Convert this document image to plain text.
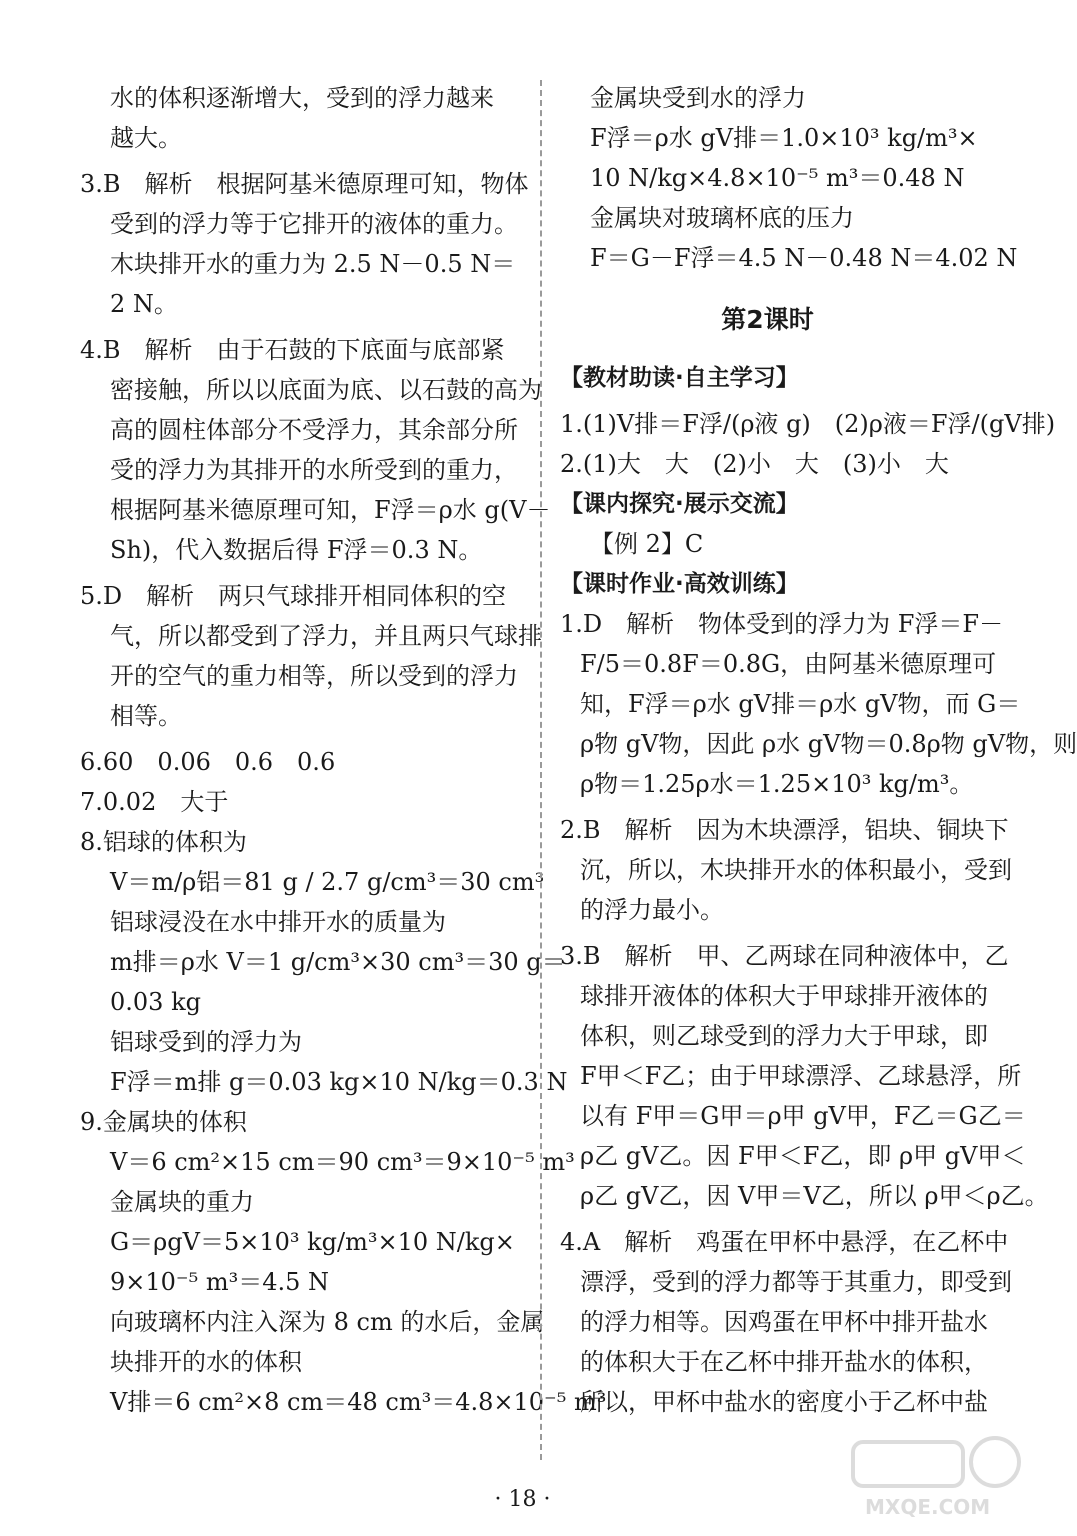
水的体积逐渐增大，受到的浮力越来
越大。
3.B　解析　根据阿基米德原理可知，物体
受到的浮力等于它排开的液体的重力。
木块排开水的重力为 2.5 N－0.5 N＝
2 N。
4.B　解析　由于石鼓的下底面与底部紧
密接触，所以以底面为底、以石鼓的高为
高的圆柱体部分不受浮力，其余部分所
受的浮力为其排开的水所受到的重力，
根据阿基米德原理可知，F浮＝ρ水 g(V－
Sh)，代入数据后得 F浮＝0.3 N。
5.D　解析　两只气球排开相同体积的空
气，所以都受到了浮力，并且两只气球排
开的空气的重力相等，所以受到的浮力
相等。
6.60　0.06　0.6　0.6
7.0.02　大于
8.铝球的体积为
V＝m/ρ铝＝81 g / 2.7 g/cm³＝30 cm³
铝球浸没在水中排开水的质量为
m排＝ρ水 V＝1 g/cm³×30 cm³＝30 g＝
0.03 kg
铝球受到的浮力为
F浮＝m排 g＝0.03 kg×10 N/kg＝0.3 N
9.金属块的体积
V＝6 cm²×15 cm＝90 cm³＝9×10⁻⁵ m³
金属块的重力
G＝ρgV＝5×10³ kg/m³×10 N/kg×
9×10⁻⁵ m³＝4.5 N
向玻璃杯内注入深为 8 cm 的水后，金属
块排开的水的体积
V排＝6 cm²×8 cm＝48 cm³＝4.8×10⁻⁵ m³
金属块受到水的浮力
F浮＝ρ水 gV排＝1.0×10³ kg/m³×
10 N/kg×4.8×10⁻⁵ m³＝0.48 N
金属块对玻璃杯底的压力
F＝G－F浮＝4.5 N－0.48 N＝4.02 N
第2课时
【教材助读·自主学习】
1.(1)V排＝F浮/(ρ液 g)　(2)ρ液＝F浮/(gV排)
2.(1)大　大　(2)小　大　(3)小　大
【课内探究·展示交流】
【例 2】C
【课时作业·高效训练】
1.D　解析　物体受到的浮力为 F浮＝F－
F/5＝0.8F＝0.8G，由阿基米德原理可
知，F浮＝ρ水 gV排＝ρ水 gV物，而 G＝
ρ物 gV物，因此 ρ水 gV物＝0.8ρ物 gV物，则
ρ物＝1.25ρ水＝1.25×10³ kg/m³。
2.B　解析　因为木块漂浮，铝块、铜块下
沉，所以，木块排开水的体积最小，受到
的浮力最小。
3.B　解析　甲、乙两球在同种液体中，乙
球排开液体的体积大于甲球排开液体的
体积，则乙球受到的浮力大于甲球，即
F甲＜F乙；由于甲球漂浮、乙球悬浮，所
以有 F甲＝G甲＝ρ甲 gV甲，F乙＝G乙＝
ρ乙 gV乙。因 F甲＜F乙，即 ρ甲 gV甲＜
ρ乙 gV乙，因 V甲＝V乙，所以 ρ甲＜ρ乙。
4.A　解析　鸡蛋在甲杯中悬浮，在乙杯中
漂浮，受到的浮力都等于其重力，即受到
的浮力相等。因鸡蛋在甲杯中排开盐水
的体积大于在乙杯中排开盐水的体积，
所以，甲杯中盐水的密度小于乙杯中盐
· 18 ·	MXQE.COM
